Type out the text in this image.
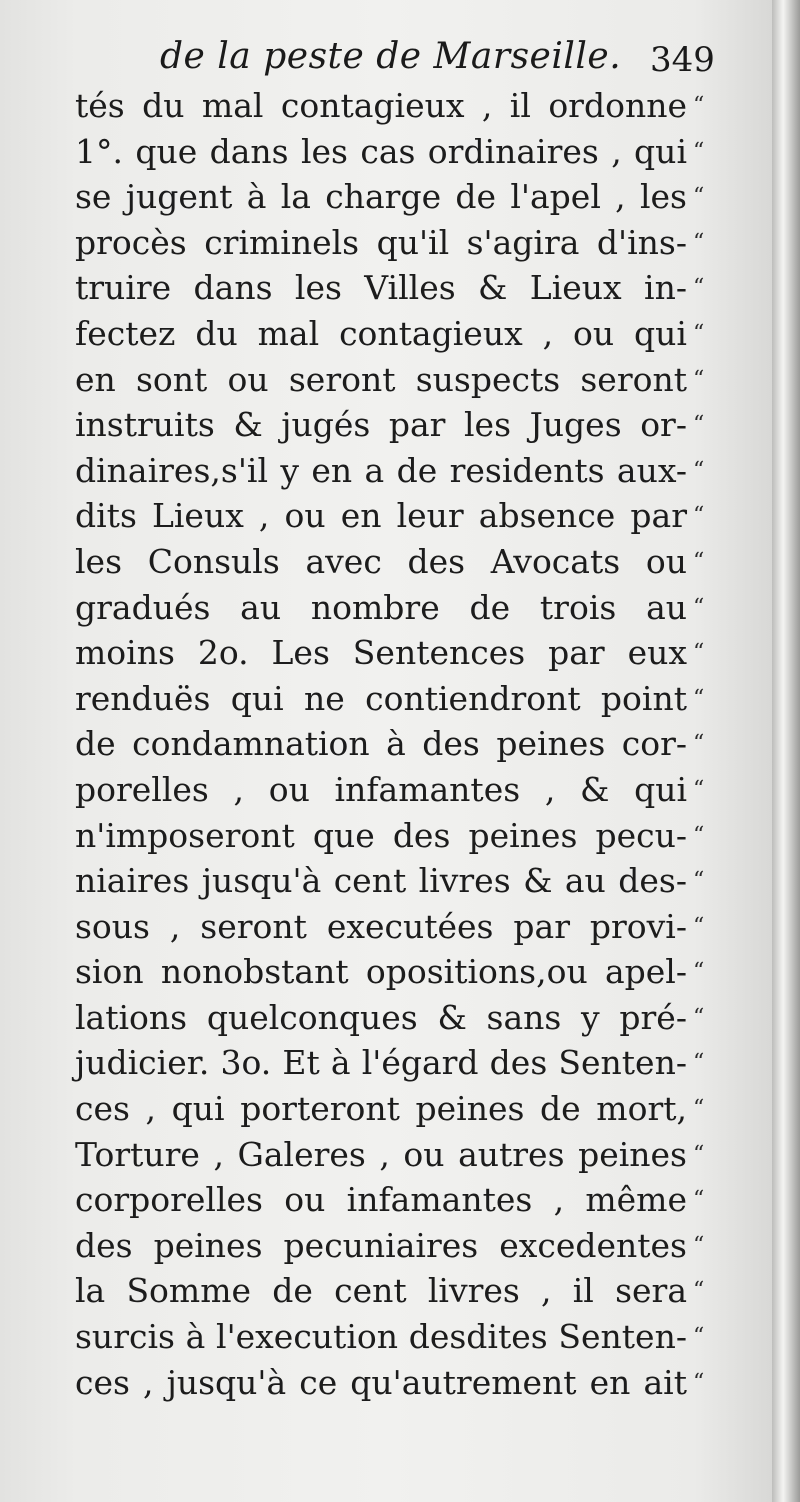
de la peste de Marseille. 349
tés du mal contagieux , il ordonne
1°. que dans les cas ordinaires , qui
se jugent à la charge de l'apel , les
procès criminels qu'il s'agira d'ins-
truire dans les Villes & Lieux in-
fectez du mal contagieux , ou qui
en sont ou seront suspects seront
instruits & jugés par les Juges or-
dinaires,s'il y en a de residents aux-
dits Lieux , ou en leur absence par
les Consuls avec des Avocats ou
gradués au nombre de trois au
moins 2o. Les Sentences par eux
renduës qui ne contiendront point
de condamnation à des peines cor-
porelles , ou infamantes , & qui
n'imposeront que des peines pecu-
niaires jusqu'à cent livres & au des-
sous , seront executées par provi-
sion nonobstant opositions,ou apel-
lations quelconques & sans y pré-
judicier. 3o. Et à l'égard des Senten-
ces , qui porteront peines de mort,
Torture , Galeres , ou autres peines
corporelles ou infamantes , même
des peines pecuniaires excedentes
la Somme de cent livres , il sera
surcis à l'execution desdites Senten-
ces , jusqu'à ce qu'autrement en ait
“
“
“
“
“
“
“
“
“
“
“
“
“
“
“
“
“
“
“
“
“
“
“
“
“
“
“
“
“
